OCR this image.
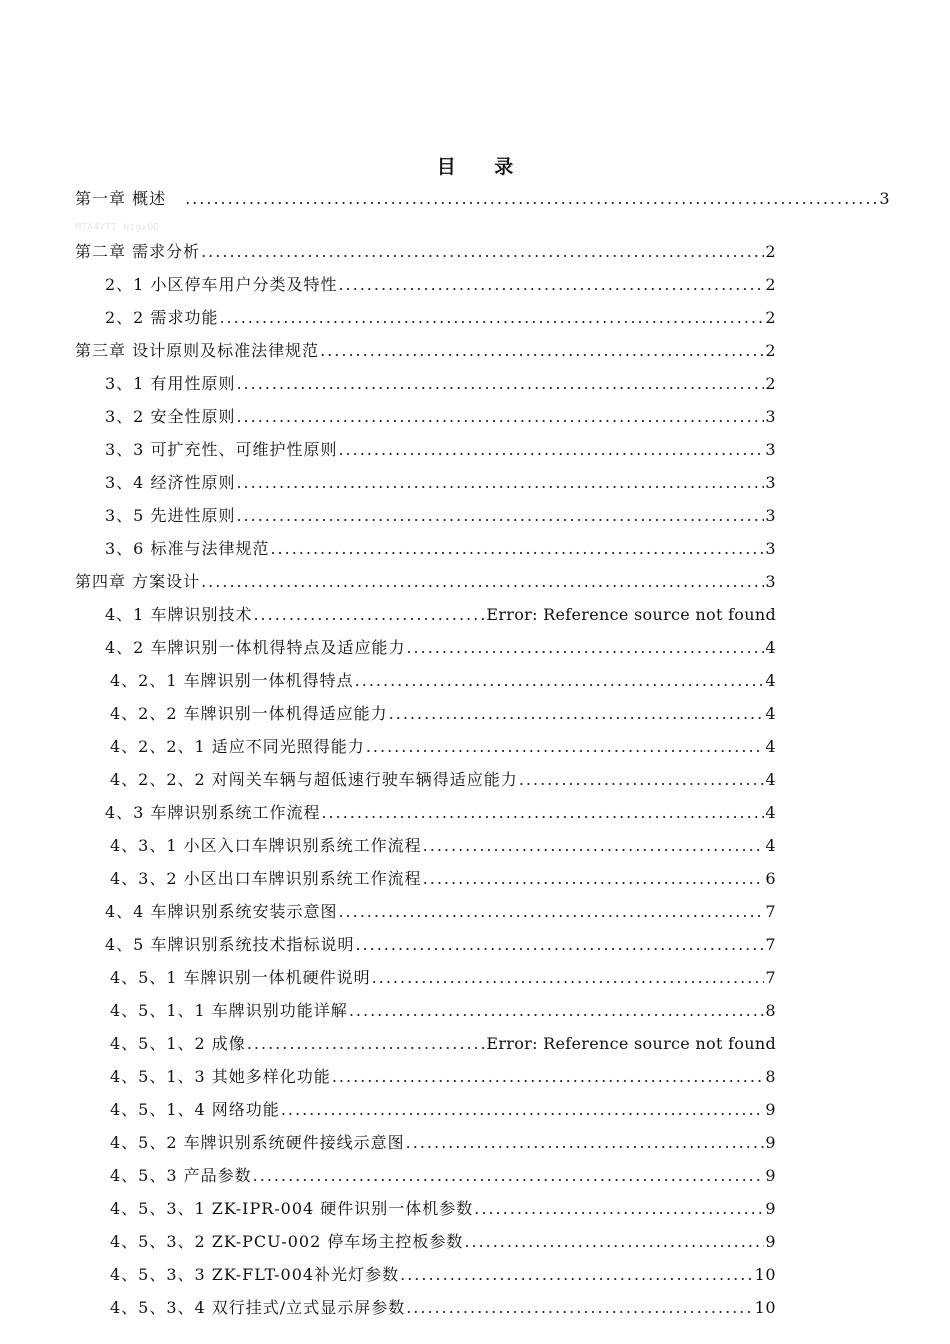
目 录
MTA4YTI NzgxOD
第一章 概述 .....	3
第二章 需求分析 .....	2
2、1 小区停车用户分类及特性 .....	2
2、2 需求功能 .....	2
第三章 设计原则及标准法律规范 .....	2
3、1 有用性原则 .....	2
3、2 安全性原则 .....	3
3、3 可扩充性、可维护性原则 .....	3
3、4 经济性原则 .....	3
3、5 先进性原则 .....	3
3、6 标准与法律规范 .....	3
第四章 方案设计 .....	3
4、1 车牌识别技术 .....	Error: Reference source not found
4、2 车牌识别一体机得特点及适应能力 .....	4
4、2、1 车牌识别一体机得特点 .....	4
4、2、2 车牌识别一体机得适应能力 .....	4
4、2、2、1 适应不同光照得能力 .....	4
4、2、2、2 对闯关车辆与超低速行驶车辆得适应能力 .....	4
4、3 车牌识别系统工作流程 .....	4
4、3、1 小区入口车牌识别系统工作流程 .....	4
4、3、2 小区出口车牌识别系统工作流程 .....	6
4、4 车牌识别系统安装示意图 .....	7
4、5 车牌识别系统技术指标说明 .....	7
4、5、1 车牌识别一体机硬件说明 .....	7
4、5、1、1 车牌识别功能详解 .....	8
4、5、1、2 成像 .....	Error: Reference source not found
4、5、1、3 其她多样化功能 .....	8
4、5、1、4 网络功能 .....	9
4、5、2 车牌识别系统硬件接线示意图 .....	9
4、5、3 产品参数 .....	9
4、5、3、1 ZK-IPR-004 硬件识别一体机参数 .....	9
4、5、3、2 ZK-PCU-002 停车场主控板参数 .....	9
4、5、3、3 ZK-FLT-004补光灯参数 .....	10
4、5、3、4 双行挂式/立式显示屏参数 .....	10
